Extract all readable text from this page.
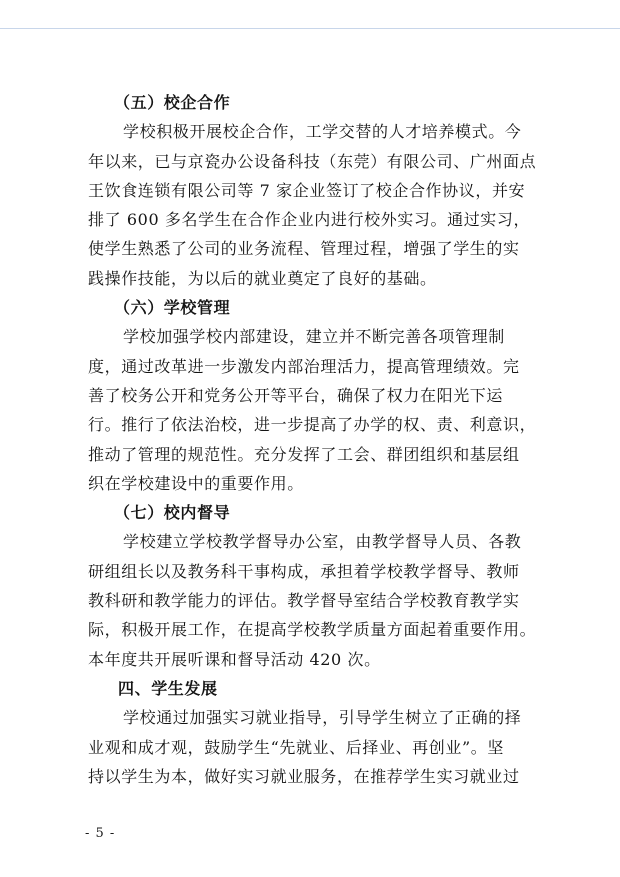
（五）校企合作
学校积极开展校企合作，工学交替的人才培养模式。今
年以来，已与京瓷办公设备科技（东莞）有限公司、广州面点
王饮食连锁有限公司等 7 家企业签订了校企合作协议，并安
排了 600 多名学生在合作企业内进行校外实习。通过实习，
使学生熟悉了公司的业务流程、管理过程，增强了学生的实
践操作技能，为以后的就业奠定了良好的基础。
（六）学校管理
学校加强学校内部建设，建立并不断完善各项管理制
度，通过改革进一步激发内部治理活力，提高管理绩效。完
善了校务公开和党务公开等平台，确保了权力在阳光下运
行。推行了依法治校，进一步提高了办学的权、责、利意识，
推动了管理的规范性。充分发挥了工会、群团组织和基层组
织在学校建设中的重要作用。
（七）校内督导
学校建立学校教学督导办公室，由教学督导人员、各教
研组组长以及教务科干事构成，承担着学校教学督导、教师
教科研和教学能力的评估。教学督导室结合学校教育教学实
际，积极开展工作，在提高学校教学质量方面起着重要作用。
本年度共开展听课和督导活动 420 次。
四、学生发展
学校通过加强实习就业指导，引导学生树立了正确的择
业观和成才观，鼓励学生“先就业、后择业、再创业”。坚
持以学生为本，做好实习就业服务，在推荐学生实习就业过
- 5 -
